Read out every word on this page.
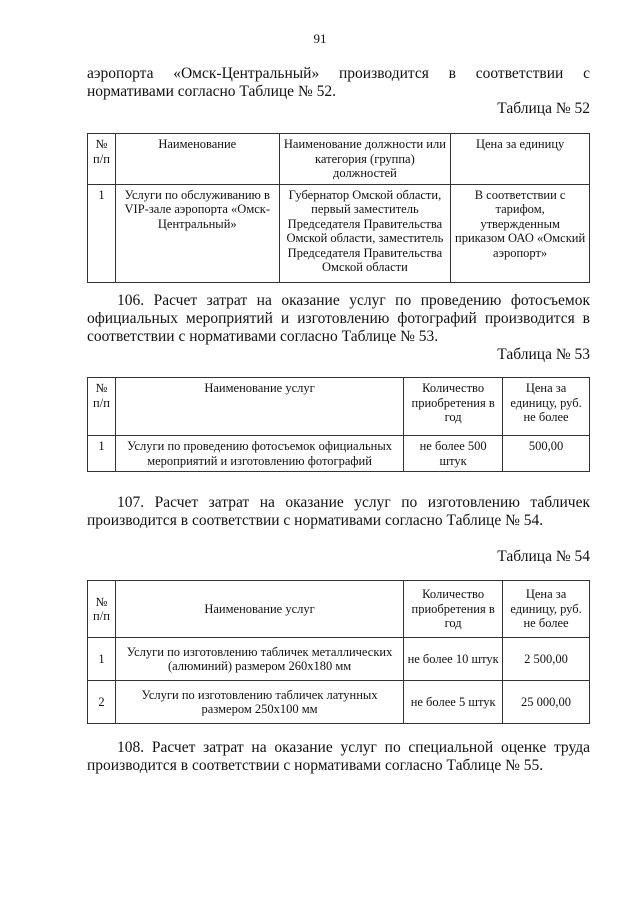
91
аэропорта «Омск-Центральный» производится в соответствии с нормативами согласно Таблице № 52.
Таблица № 52
№ п/п	Наименование	Наименование должности или категория (группа) должностей	Цена за единицу
1	Услуги по обслуживанию в VIP-зале аэропорта «Омск-Центральный»	Губернатор Омской области, первый заместитель Председателя Правительства Омской области, заместитель Председателя Правительства Омской области	В соответствии с тарифом, утвержденным приказом ОАО «Омский аэропорт»
106. Расчет затрат на оказание услуг по проведению фотосъемок официальных мероприятий и изготовлению фотографий производится в соответствии с нормативами согласно Таблице № 53.
Таблица № 53
№ п/п	Наименование услуг	Количество приобретения в год	Цена за единицу, руб. не более
1	Услуги по проведению фотосъемок официальных мероприятий и изготовлению фотографий	не более 500 штук	500,00
107. Расчет затрат на оказание услуг по изготовлению табличек производится в соответствии с нормативами согласно Таблице № 54.
Таблица № 54
№ п/п	Наименование услуг	Количество приобретения в год	Цена за единицу, руб. не более
1	Услуги по изготовлению табличек металлических (алюминий) размером 260х180 мм	не более 10 штук	2 500,00
2	Услуги по изготовлению табличек латунных размером 250х100 мм	не более 5 штук	25 000,00
108. Расчет затрат на оказание услуг по специальной оценке труда производится в соответствии с нормативами согласно Таблице № 55.
